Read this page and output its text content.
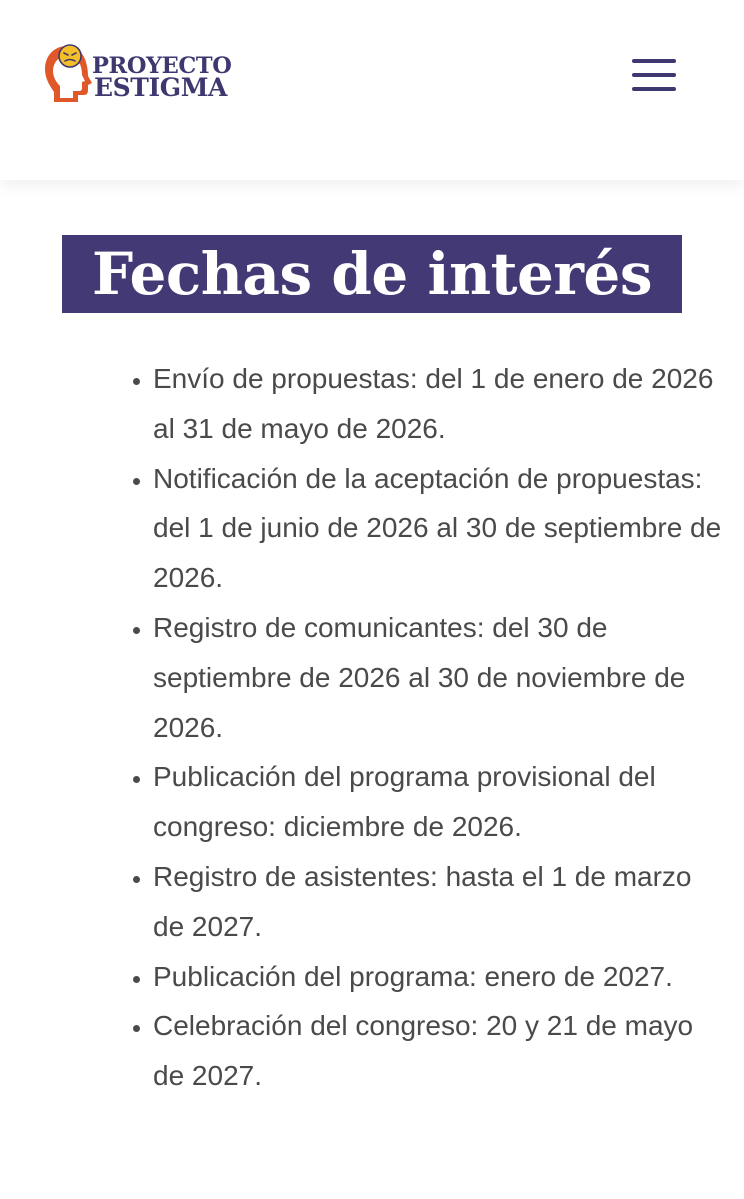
PROYECTO
ESTIGMA
Fechas de interés
• Envío de propuestas: del 1 de enero de 2026 al 31 de mayo de 2026.
• Notificación de la aceptación de propuestas: del 1 de junio de 2026 al 30 de septiembre de 2026.
• Registro de comunicantes: del 30 de septiembre de 2026 al 30 de noviembre de 2026.
• Publicación del programa provisional del congreso: diciembre de 2026.
• Registro de asistentes: hasta el 1 de marzo de 2027.
• Publicación del programa: enero de 2027.
• Celebración del congreso: 20 y 21 de mayo de 2027.
